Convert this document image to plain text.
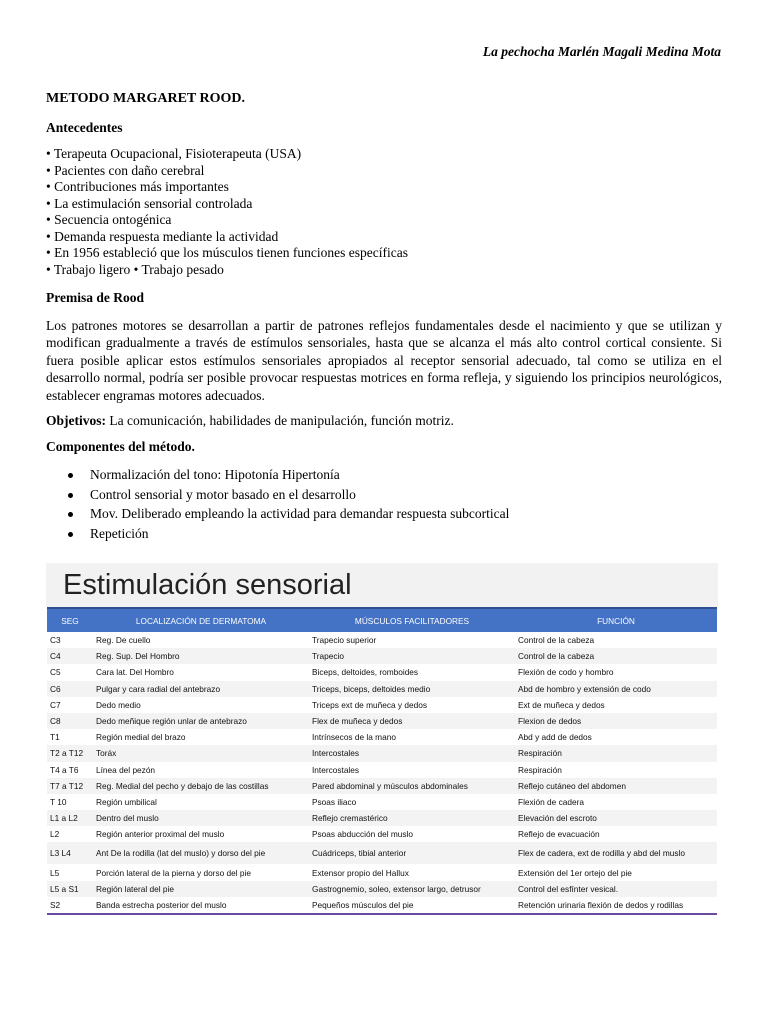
La pechocha Marlén Magali Medina Mota
METODO MARGARET ROOD.
Antecedentes
• Terapeuta Ocupacional, Fisioterapeuta (USA)
• Pacientes con daño cerebral
• Contribuciones más importantes
• La estimulación sensorial controlada
• Secuencia ontogénica
• Demanda respuesta mediante la actividad
• En 1956 estableció que los músculos tienen funciones específicas
• Trabajo ligero • Trabajo pesado
Premisa de Rood
Los patrones motores se desarrollan a partir de patrones reflejos fundamentales desde el nacimiento y que se utilizan y modifican gradualmente a través de estímulos sensoriales, hasta que se alcanza el más alto control cortical consiente. Si fuera posible aplicar estos estímulos sensoriales apropiados al receptor sensorial adecuado, tal como se utiliza en el desarrollo normal, podría ser posible provocar respuestas motrices en forma refleja, y siguiendo los principios neurológicos, establecer engramas motores adecuados.
Objetivos: La comunicación, habilidades de manipulación, función motriz.
Componentes del método.
Normalización del tono: Hipotonía Hipertonía
Control sensorial y motor basado en el desarrollo
Mov. Deliberado empleando la actividad para demandar respuesta subcortical
Repetición
Estimulación sensorial
SEG	LOCALIZACIÓN DE DERMATOMA	MÚSCULOS FACILITADORES	FUNCIÓN
C3	Reg. De cuello	Trapecio superior	Control de la cabeza
C4	Reg. Sup. Del Hombro	Trapecio	Control de la cabeza
C5	Cara lat. Del Hombro	Biceps, deltoides, romboides	Flexión de codo y hombro
C6	Pulgar y cara radial del antebrazo	Triceps, biceps, deltoides medio	Abd de hombro y extensión de codo
C7	Dedo medio	Triceps ext de muñeca y dedos	Ext de muñeca y dedos
C8	Dedo meñique región unlar de antebrazo	Flex de muñeca y dedos	Flexion de dedos
T1	Región medial del brazo	Intrínsecos de la mano	Abd y add de dedos
T2 a T12	Toráx	Intercostales	Respiración
T4 a T6	Línea del pezón	Intercostales	Respiración
T7 a T12	Reg. Medial del pecho y debajo de las costillas	Pared abdominal y músculos abdominales	Reflejo cutáneo del abdomen
T 10	Región umbilical	Psoas iliaco	Flexión de cadera
L1 a L2	Dentro del muslo	Reflejo cremastérico	Elevación del escroto
L2	Región anterior proximal del muslo	Psoas abducción del muslo	Reflejo de evacuación
L3 L4	Ant De la rodilla (lat del muslo) y dorso del pie	Cuádriceps, tibial anterior	Flex de cadera, ext de rodilla y abd del muslo
L5	Porción lateral de la pierna y dorso del pie	Extensor propio del Hallux	Extensión del 1er ortejo del pie
L5 a S1	Región lateral del pie	Gastrognemio, soleo, extensor largo, detrusor	Control del esfínter vesical.
S2	Banda estrecha posterior del muslo	Pequeños músculos del pie	Retención urinaria flexión de dedos y rodillas
